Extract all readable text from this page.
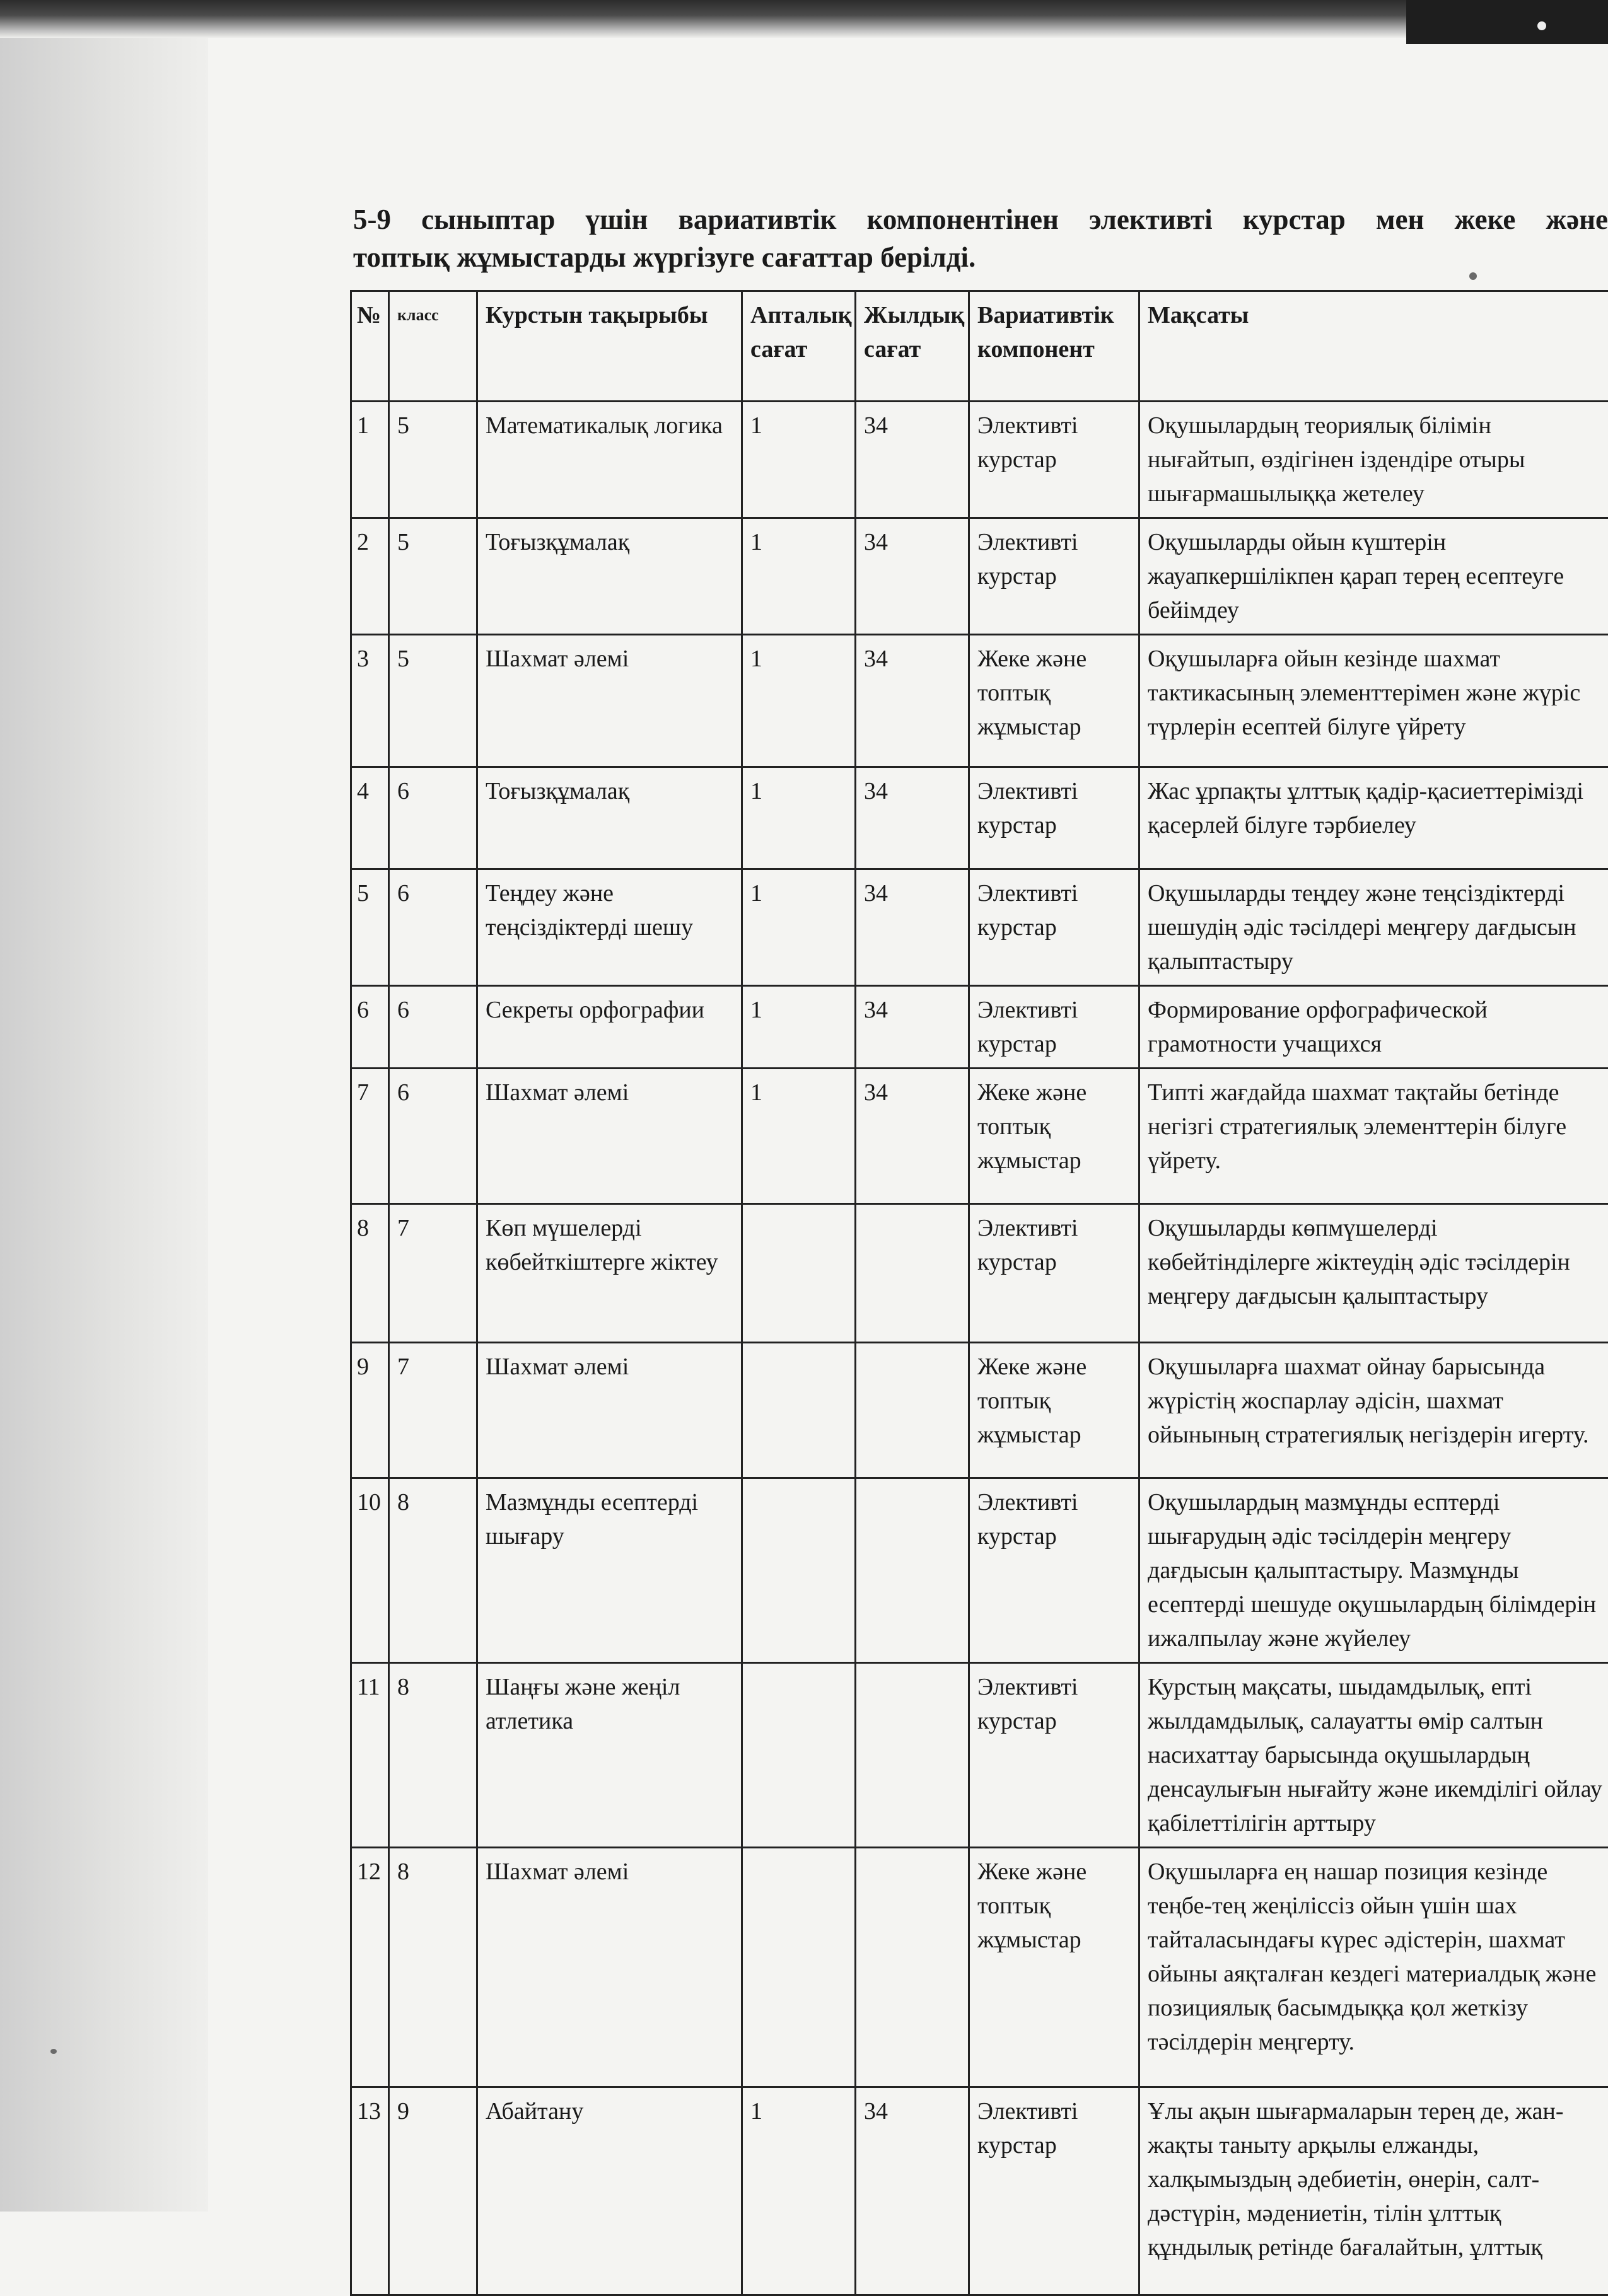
5-9 сыныптар үшін вариативтік компонентінен элективті курстар мен жеке және
топтық жұмыстарды жүргізуге сағаттар берілді.
№	класс	Курстын тақырыбы	Апталық сағат	Жылдық сағат	Вариативтік компонент	Мақсаты
1	5	Математикалық логика	1	34	Элективті курстар	Оқушылардың теориялық білімін нығайтып, өздігінен іздендіре отыры шығармашылыққа жетелеу
2	5	Тоғызқұмалақ	1	34	Элективті курстар	Оқушыларды ойын күштерін жауапкершілікпен қарап терең есептеуге бейімдеу
3	5	Шахмат әлемі	1	34	Жеке және топтық жұмыстар	Оқушыларға ойын кезінде шахмат тактикасының элементтерімен және жүріс түрлерін есептей білуге үйрету
4	6	Тоғызқұмалақ	1	34	Элективті курстар	Жас ұрпақты ұлттық қадір-қасиеттерімізді қасерлей білуге тәрбиелеу
5	6	Теңдеу және теңсіздіктерді шешу	1	34	Элективті курстар	Оқушыларды теңдеу және теңсіздіктерді шешудің әдіс тәсілдері меңгеру дағдысын қалыптастыру
6	6	Секреты орфографии	1	34	Элективті курстар	Формирование орфографической грамотности учащихся
7	6	Шахмат әлемі	1	34	Жеке және топтық жұмыстар	Типті жағдайда шахмат тақтайы бетінде негізгі стратегиялық элементтерін білуге үйрету.
8	7	Көп мүшелерді көбейткіштерге жіктеу			Элективті курстар	Оқушыларды көпмүшелерді көбейтінділерге жіктеудің әдіс тәсілдерін меңгеру дағдысын қалыптастыру
9	7	Шахмат әлемі			Жеке және топтық жұмыстар	Оқушыларға шахмат ойнау барысында жүрістің жоспарлау әдісін, шахмат ойынының стратегиялық негіздерін игерту.
10	8	Мазмұнды есептерді шығару			Элективті курстар	Оқушылардың мазмұнды есптерді шығарудың әдіс тәсілдерін меңгеру дағдысын қалыптастыру. Мазмұнды есептерді шешуде оқушылардың білімдерін ижалпылау және жүйелеу
11	8	Шаңғы және жеңіл атлетика			Элективті курстар	Курстың мақсаты, шыдамдылық, епті жылдамдылық, салауатты өмір салтын насихаттау барысында оқушылардың денсаулығын нығайту және икемділігі ойлау қабілеттілігін арттыру
12	8	Шахмат әлемі			Жеке және топтық жұмыстар	Оқушыларға ең нашар позиция кезінде теңбе-тең жеңіліссіз ойын үшін шах тайталасындағы күрес әдістерін, шахмат ойыны аяқталған кездегі материалдық және позициялық басымдыққа қол жеткізу тәсілдерін меңгерту.
13	9	Абайтану	1	34	Элективті курстар	Ұлы ақын шығармаларын терең де, жан-жақты таныту арқылы елжанды, халқымыздың әдебиетін, өнерін, салт-дәстүрін, мәдениетін, тілін ұлттық құндылық ретінде бағалайтын, ұлттық
